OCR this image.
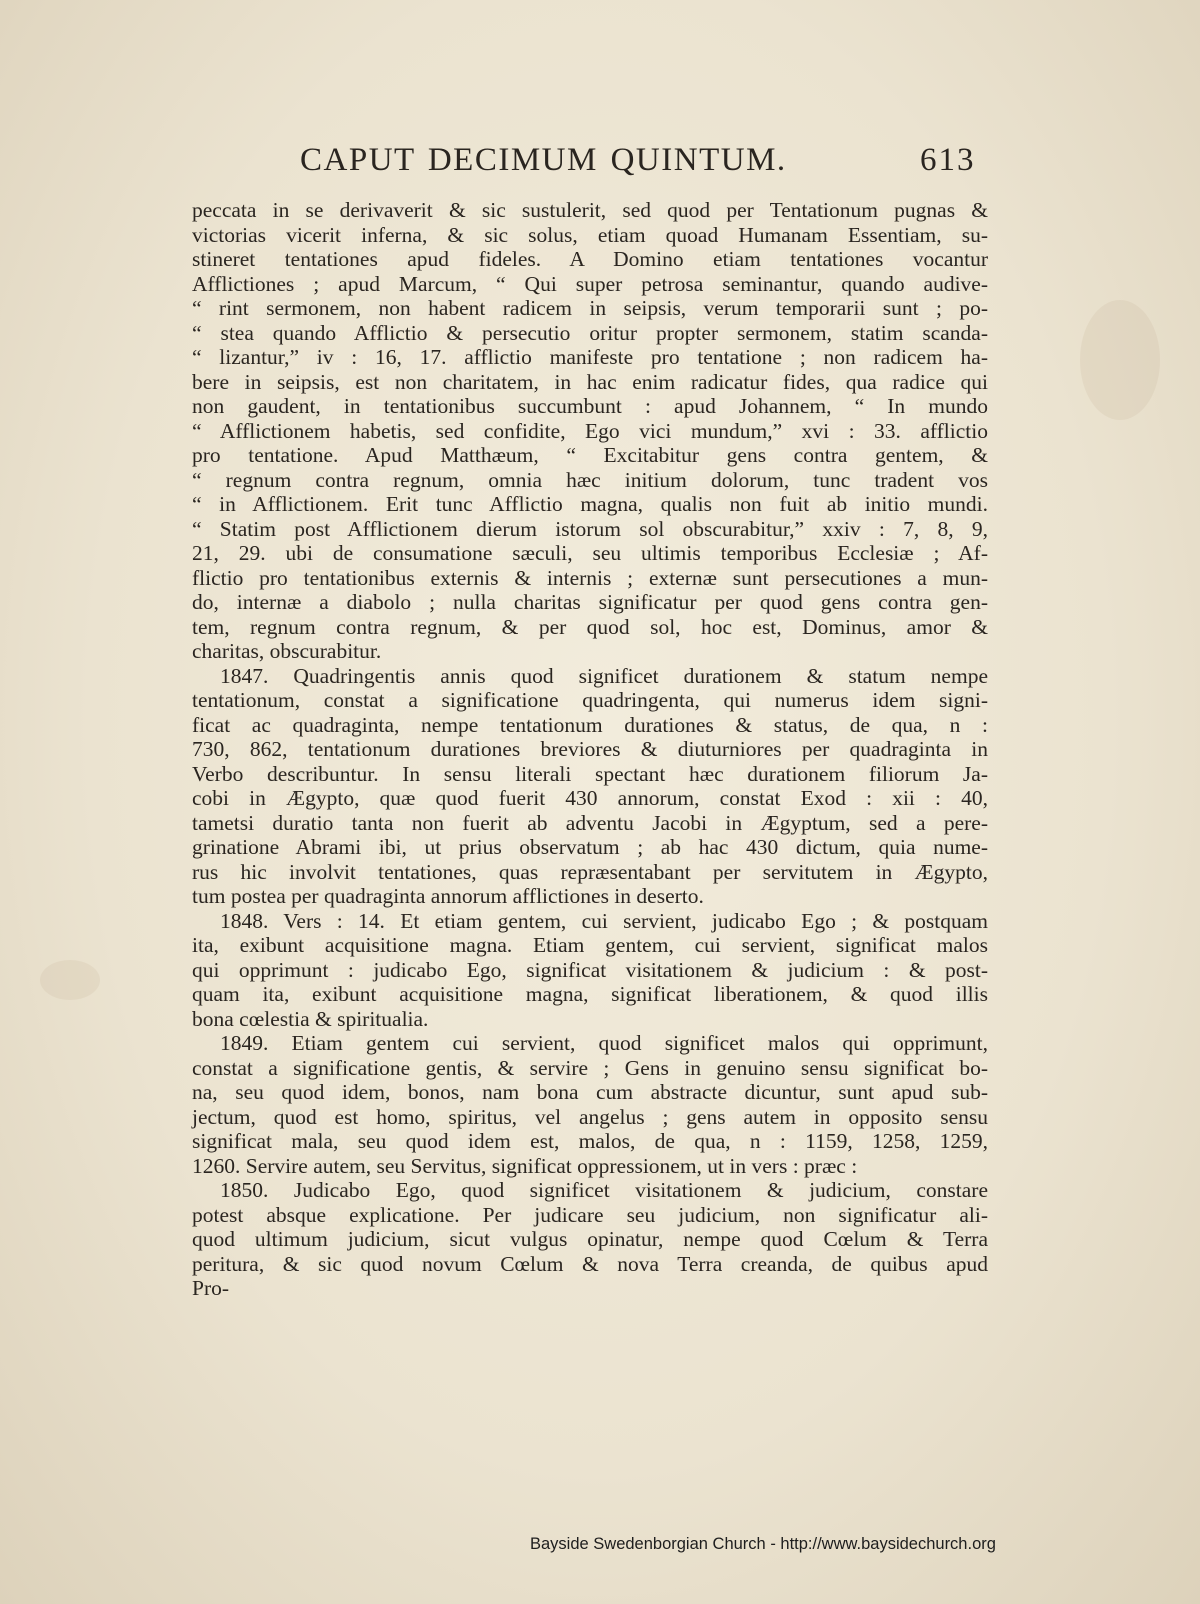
CAPUT DECIMUM QUINTUM.	613
peccata in se derivaverit & sic sustulerit, sed quod per Tentationum pugnas &
victorias vicerit inferna, & sic solus, etiam quoad Humanam Essentiam, su-
stineret tentationes apud fideles. A Domino etiam tentationes vocantur
Afflictiones ; apud Marcum, “ Qui super petrosa seminantur, quando audive-
“ rint sermonem, non habent radicem in seipsis, verum temporarii sunt ; po-
“ stea quando Afflictio & persecutio oritur propter sermonem, statim scanda-
“ lizantur,” iv : 16, 17. afflictio manifeste pro tentatione ; non radicem ha-
bere in seipsis, est non charitatem, in hac enim radicatur fides, qua radice qui
non gaudent, in tentationibus succumbunt : apud Johannem, “ In mundo
“ Afflictionem habetis, sed confidite, Ego vici mundum,” xvi : 33. afflictio
pro tentatione. Apud Matthæum, “ Excitabitur gens contra gentem, &
“ regnum contra regnum, omnia hæc initium dolorum, tunc tradent vos
“ in Afflictionem. Erit tunc Afflictio magna, qualis non fuit ab initio mundi.
“ Statim post Afflictionem dierum istorum sol obscurabitur,” xxiv : 7, 8, 9,
21, 29. ubi de consumatione sæculi, seu ultimis temporibus Ecclesiæ ; Af-
flictio pro tentationibus externis & internis ; externæ sunt persecutiones a mun-
do, internæ a diabolo ; nulla charitas significatur per quod gens contra gen-
tem, regnum contra regnum, & per quod sol, hoc est, Dominus, amor &
charitas, obscurabitur.
1847. Quadringentis annis quod significet durationem & statum nempe
tentationum, constat a significatione quadringenta, qui numerus idem signi-
ficat ac quadraginta, nempe tentationum durationes & status, de qua, n :
730, 862, tentationum durationes breviores & diuturniores per quadraginta in
Verbo describuntur. In sensu literali spectant hæc durationem filiorum Ja-
cobi in Ægypto, quæ quod fuerit 430 annorum, constat Exod : xii : 40,
tametsi duratio tanta non fuerit ab adventu Jacobi in Ægyptum, sed a pere-
grinatione Abrami ibi, ut prius observatum ; ab hac 430 dictum, quia nume-
rus hic involvit tentationes, quas repræsentabant per servitutem in Ægypto,
tum postea per quadraginta annorum afflictiones in deserto.
1848. Vers : 14. Et etiam gentem, cui servient, judicabo Ego ; & postquam
ita, exibunt acquisitione magna. Etiam gentem, cui servient, significat malos
qui opprimunt : judicabo Ego, significat visitationem & judicium : & post-
quam ita, exibunt acquisitione magna, significat liberationem, & quod illis
bona cœlestia & spiritualia.
1849. Etiam gentem cui servient, quod significet malos qui opprimunt,
constat a significatione gentis, & servire ; Gens in genuino sensu significat bo-
na, seu quod idem, bonos, nam bona cum abstracte dicuntur, sunt apud sub-
jectum, quod est homo, spiritus, vel angelus ; gens autem in opposito sensu
significat mala, seu quod idem est, malos, de qua, n : 1159, 1258, 1259,
1260. Servire autem, seu Servitus, significat oppressionem, ut in vers : præc :
1850. Judicabo Ego, quod significet visitationem & judicium, constare
potest absque explicatione. Per judicare seu judicium, non significatur ali-
quod ultimum judicium, sicut vulgus opinatur, nempe quod Cœlum & Terra
peritura, & sic quod novum Cœlum & nova Terra creanda, de quibus apud
Pro-
Bayside Swedenborgian Church - http://www.baysidechurch.org
